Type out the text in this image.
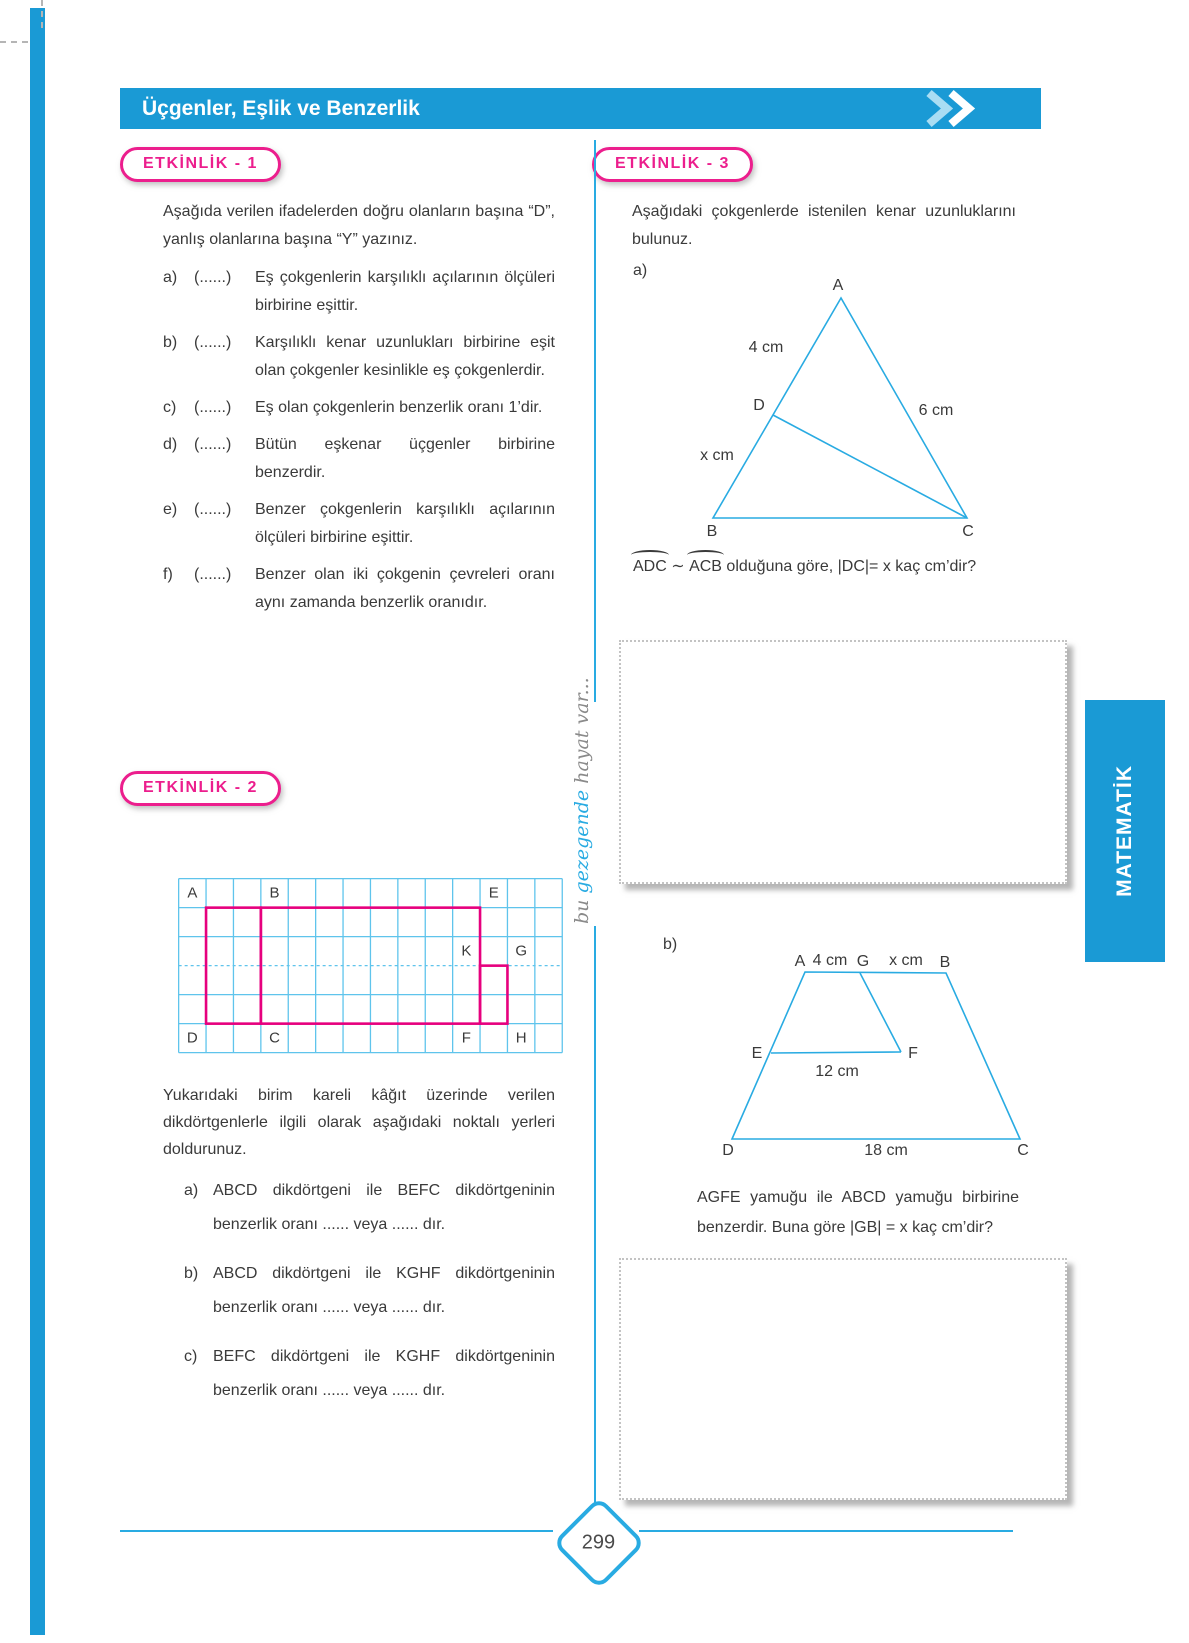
Üçgenler, Eşlik ve Benzerlik
ETKİNLİK - 1	ETKİNLİK - 3
ETKİNLİK - 2
bu gezegende hayat var...
Aşağıda verilen ifadelerden doğru olanların başına “D”, yanlış olanlarına başına “Y” yazınız.
a)	(......)	Eş çokgenlerin karşılıklı açılarının ölçüleri birbirine eşittir.
b)	(......)	Karşılıklı kenar uzunlukları birbirine eşit olan çokgenler kesinlikle eş çokgenlerdir.
c)	(......)	Eş olan çokgenlerin benzerlik oranı 1’dir.
d)	(......)	Bütün eşkenar üçgenler birbirine benzerdir.
e)	(......)	Benzer çokgenlerin karşılıklı açılarının ölçüleri birbirine eşittir.
f)	(......)	Benzer olan iki çokgenin çevreleri oranı aynı zamanda benzerlik oranıdır.
A	B	E
K	G
D	C	F	H
Yukarıdaki birim kareli kâğıt üzerinde verilen dikdörtgenlerle ilgili olarak aşağıdaki noktalı yerleri doldurunuz.
a) ABCD dikdörtgeni ile BEFC dikdörtgeninin benzerlik oranı ...... veya ...... dır.
b) ABCD dikdörtgeni ile KGHF dikdörtgeninin benzerlik oranı ...... veya ...... dır.
c) BEFC dikdörtgeni ile KGHF dikdörtgeninin benzerlik oranı ...... veya ...... dır.
Aşağıdaki çokgenlerde istenilen kenar uzunluklarını bulunuz.
a)
A
4 cm
D	6 cm
x cm
B	C
ADC ∼ ACB olduğuna göre, |DC|= x kaç cm’dir?
b)
A 4 cm G x cm B
E	F
12 cm
D	18 cm	C
AGFE yamuğu ile ABCD yamuğu birbirine benzerdir. Buna göre |GB| = x kaç cm’dir?
MATEMATİK
299
